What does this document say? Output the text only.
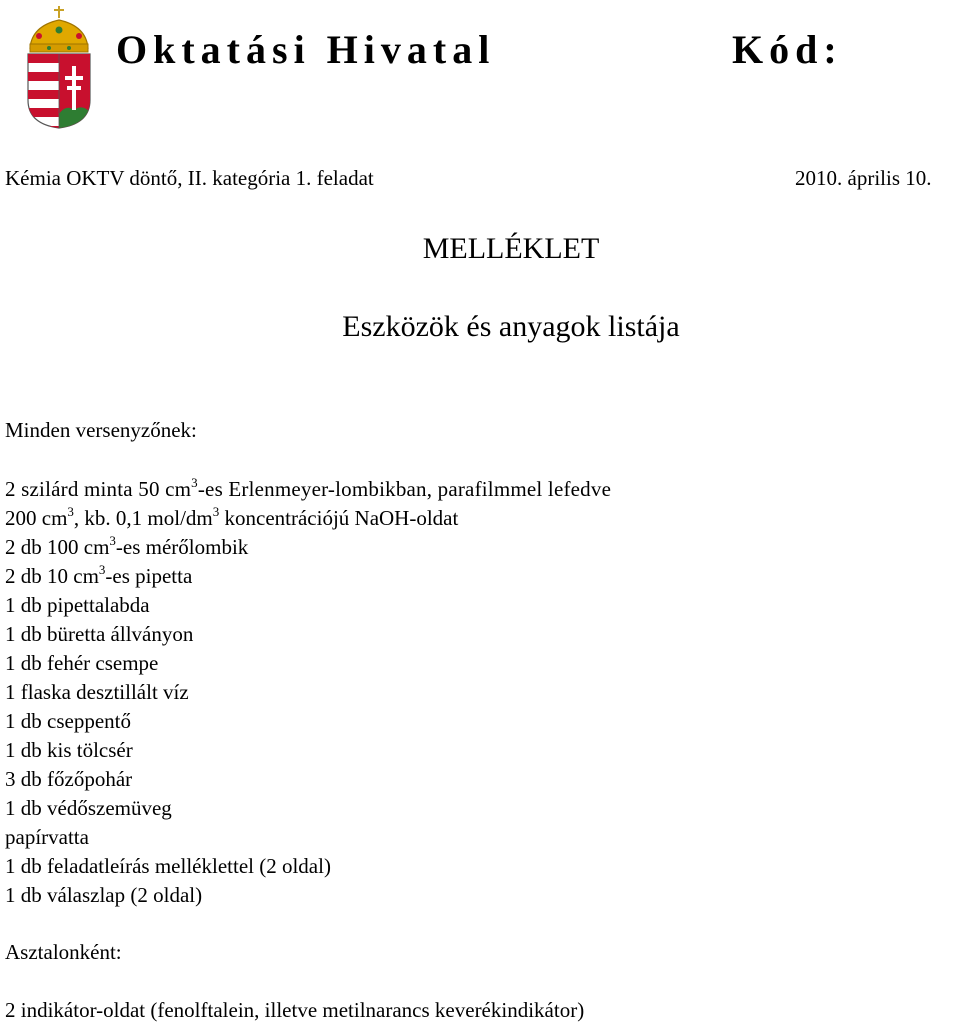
Oktatási Hivatal	Kód:
Kémia OKTV döntő, II. kategória 1. feladat	2010. április 10.
MELLÉKLET
Eszközök és anyagok listája
Minden versenyzőnek:
2 szilárd minta 50 $cm^3-es$ Erlenmeyer-lombikban, parafilmmel lefedve
200 $cm^3$, kb. 0,1 mol/$dm^3$ koncentrációjú NaOH-oldat
2 db 100 $cm^3-es$ mérőlombik
2 db 10 $cm^3-es$ pipetta
1 db pipettalabda
1 db büretta állványon
1 db fehér csempe
1 flaska desztillált víz
1 db cseppentő
1 db kis tölcsér
3 db főzőpohár
1 db védőszemüveg
papírvatta
1 db feladatleírás melléklettel (2 oldal)
1 db válaszlap (2 oldal)
Asztalonként:
2 indikátor-oldat (fenolftalein, illetve metilnarancs keverékindikátor)
